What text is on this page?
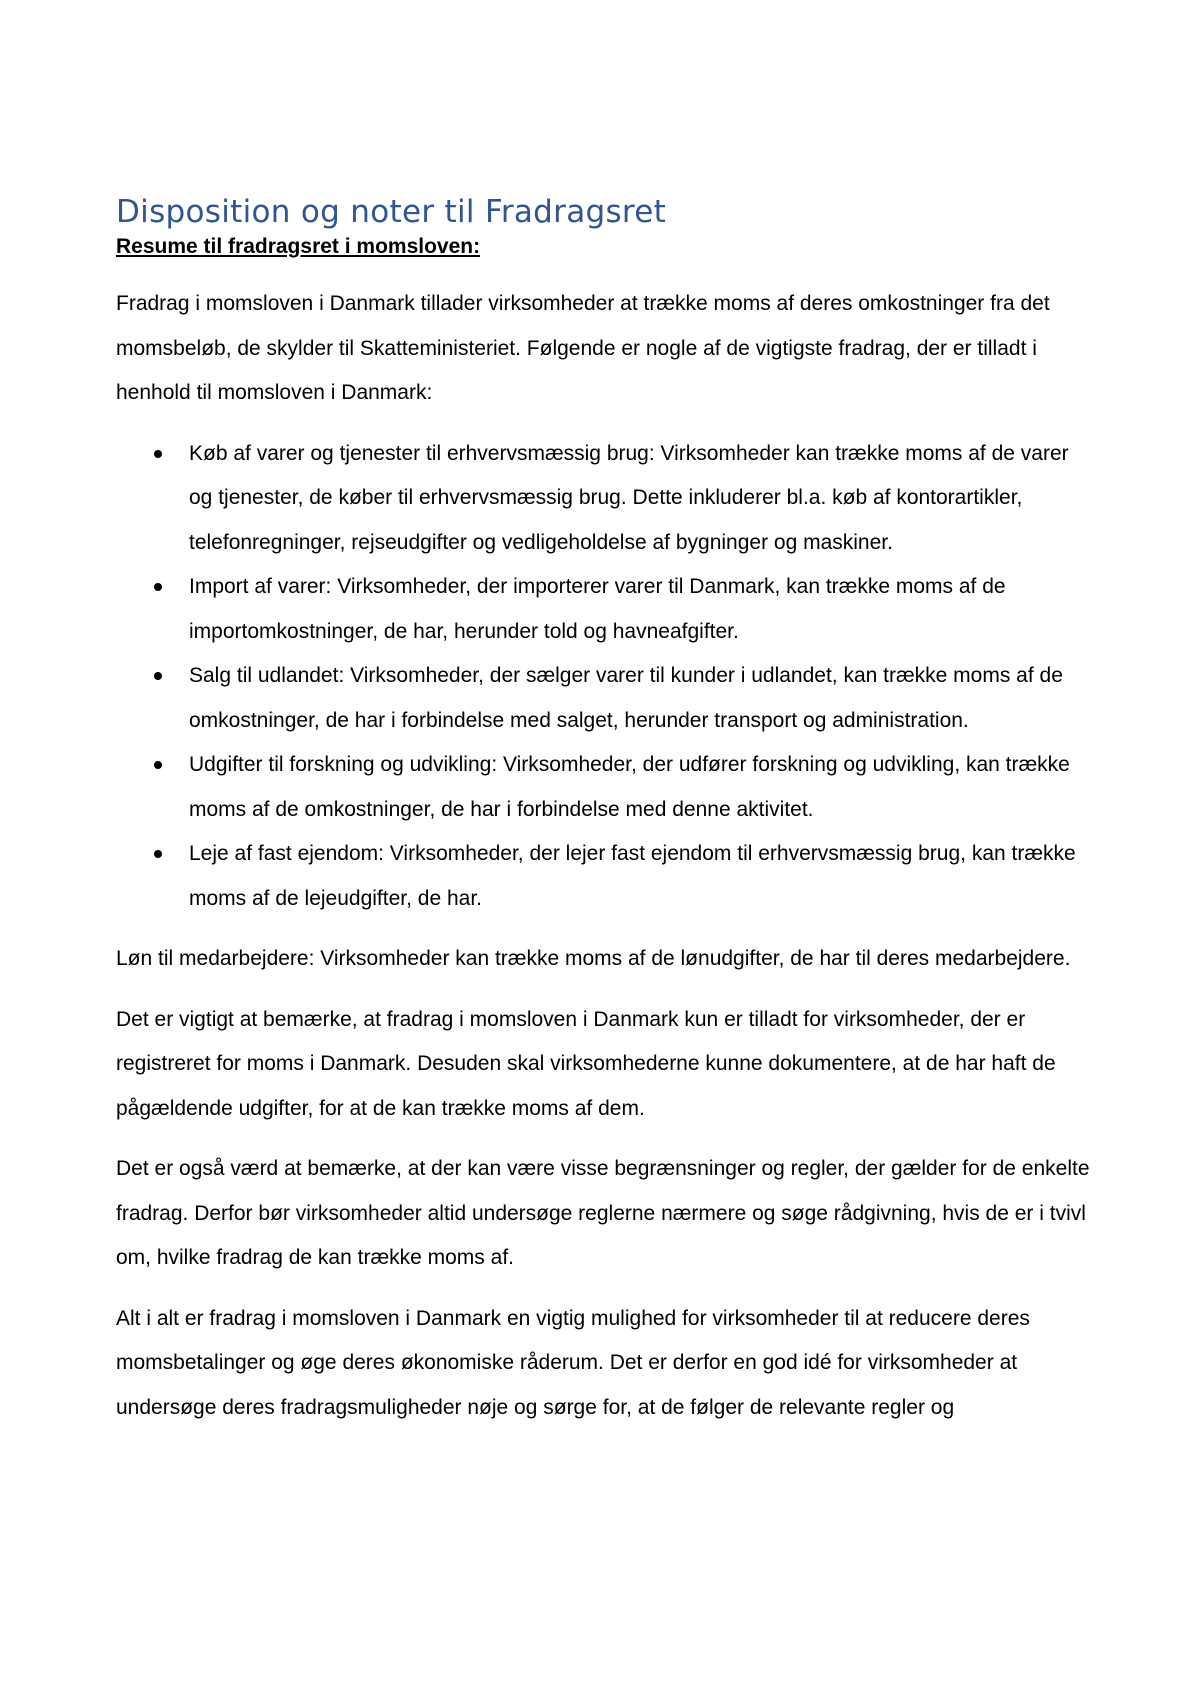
Disposition og noter til Fradragsret
Resume til fradragsret i momsloven:

Fradrag i momsloven i Danmark tillader virksomheder at trække moms af deres omkostninger fra det momsbeløb, de skylder til Skatteministeriet. Følgende er nogle af de vigtigste fradrag, der er tilladt i henhold til momsloven i Danmark:

Køb af varer og tjenester til erhvervsmæssig brug: Virksomheder kan trække moms af de varer og tjenester, de køber til erhvervsmæssig brug. Dette inkluderer bl.a. køb af kontorartikler, telefonregninger, rejseudgifter og vedligeholdelse af bygninger og maskiner.
Import af varer: Virksomheder, der importerer varer til Danmark, kan trække moms af de importomkostninger, de har, herunder told og havneafgifter.
Salg til udlandet: Virksomheder, der sælger varer til kunder i udlandet, kan trække moms af de omkostninger, de har i forbindelse med salget, herunder transport og administration.
Udgifter til forskning og udvikling: Virksomheder, der udfører forskning og udvikling, kan trække moms af de omkostninger, de har i forbindelse med denne aktivitet.
Leje af fast ejendom: Virksomheder, der lejer fast ejendom til erhvervsmæssig brug, kan trække moms af de lejeudgifter, de har.

Løn til medarbejdere: Virksomheder kan trække moms af de lønudgifter, de har til deres medarbejdere.

Det er vigtigt at bemærke, at fradrag i momsloven i Danmark kun er tilladt for virksomheder, der er registreret for moms i Danmark. Desuden skal virksomhederne kunne dokumentere, at de har haft de pågældende udgifter, for at de kan trække moms af dem.

Det er også værd at bemærke, at der kan være visse begrænsninger og regler, der gælder for de enkelte fradrag. Derfor bør virksomheder altid undersøge reglerne nærmere og søge rådgivning, hvis de er i tvivl om, hvilke fradrag de kan trække moms af.

Alt i alt er fradrag i momsloven i Danmark en vigtig mulighed for virksomheder til at reducere deres momsbetalinger og øge deres økonomiske råderum. Det er derfor en god idé for virksomheder at undersøge deres fradragsmuligheder nøje og sørge for, at de følger de relevante regler og
